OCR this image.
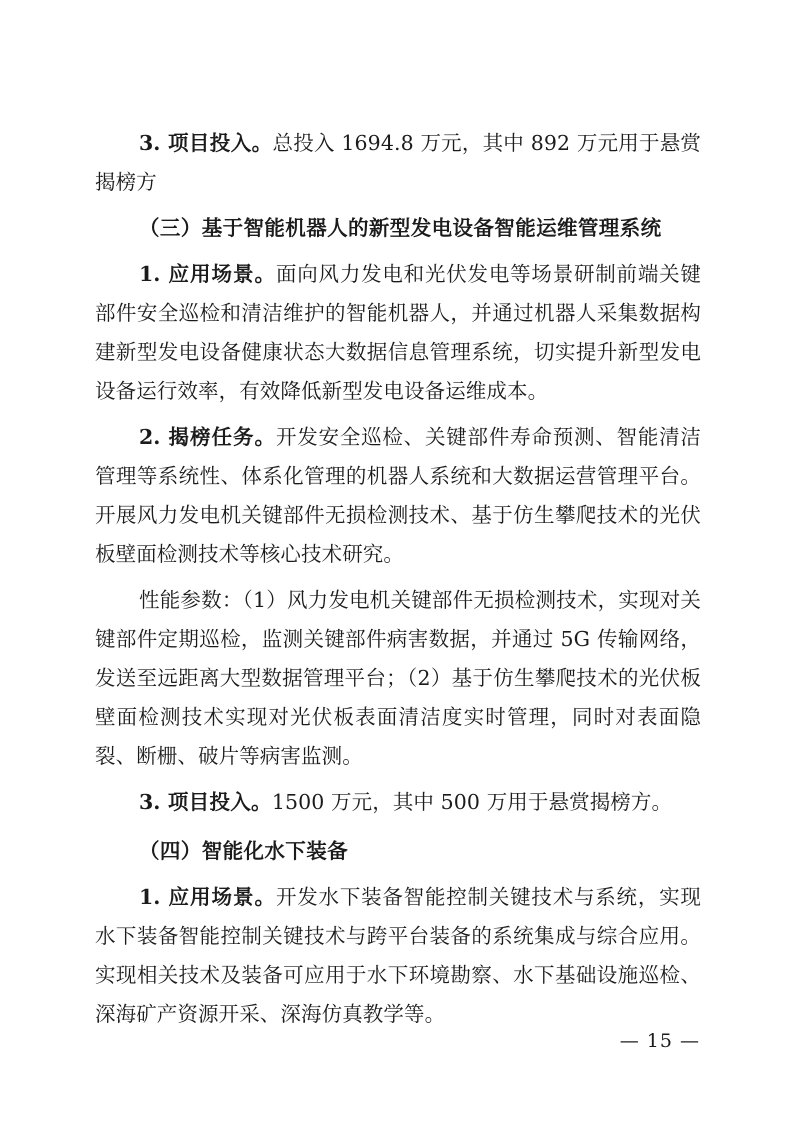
3. 项目投入。总投入 1694.8 万元，其中 892 万元用于悬赏揭榜方

（三）基于智能机器人的新型发电设备智能运维管理系统

1. 应用场景。面向风力发电和光伏发电等场景研制前端关键部件安全巡检和清洁维护的智能机器人，并通过机器人采集数据构建新型发电设备健康状态大数据信息管理系统，切实提升新型发电设备运行效率，有效降低新型发电设备运维成本。

2. 揭榜任务。开发安全巡检、关键部件寿命预测、智能清洁管理等系统性、体系化管理的机器人系统和大数据运营管理平台。开展风力发电机关键部件无损检测技术、基于仿生攀爬技术的光伏板壁面检测技术等核心技术研究。

性能参数：（1）风力发电机关键部件无损检测技术，实现对关键部件定期巡检，监测关键部件病害数据，并通过 5G 传输网络，发送至远距离大型数据管理平台；（2）基于仿生攀爬技术的光伏板壁面检测技术实现对光伏板表面清洁度实时管理，同时对表面隐裂、断栅、破片等病害监测。

3. 项目投入。1500 万元，其中 500 万用于悬赏揭榜方。

（四）智能化水下装备

1. 应用场景。开发水下装备智能控制关键技术与系统，实现水下装备智能控制关键技术与跨平台装备的系统集成与综合应用。实现相关技术及装备可应用于水下环境勘察、水下基础设施巡检、深海矿产资源开采、深海仿真教学等。

— 15 —
